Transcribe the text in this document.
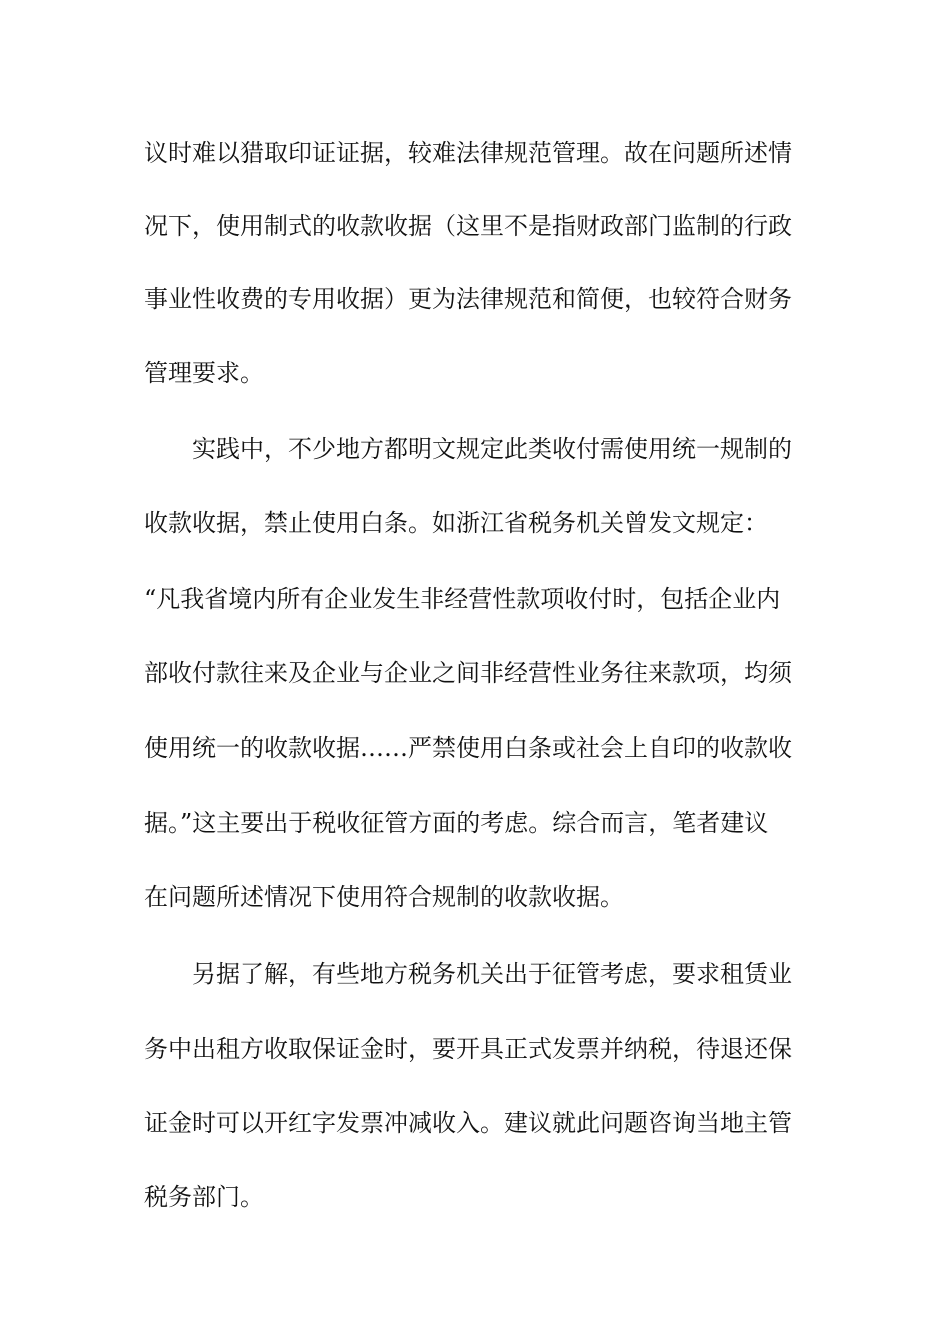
议时难以猎取印证证据，较难法律规范管理。故在问题所述情
况下，使用制式的收款收据（这里不是指财政部门监制的行政
事业性收费的专用收据）更为法律规范和简便，也较符合财务
管理要求。
实践中，不少地方都明文规定此类收付需使用统一规制的
收款收据，禁止使用白条。如浙江省税务机关曾发文规定：
“凡我省境内所有企业发生非经营性款项收付时，包括企业内
部收付款往来及企业与企业之间非经营性业务往来款项，均须
使用统一的收款收据……严禁使用白条或社会上自印的收款收
据。”这主要出于税收征管方面的考虑。综合而言，笔者建议
在问题所述情况下使用符合规制的收款收据。
另据了解，有些地方税务机关出于征管考虑，要求租赁业
务中出租方收取保证金时，要开具正式发票并纳税，待退还保
证金时可以开红字发票冲减收入。建议就此问题咨询当地主管
税务部门。
